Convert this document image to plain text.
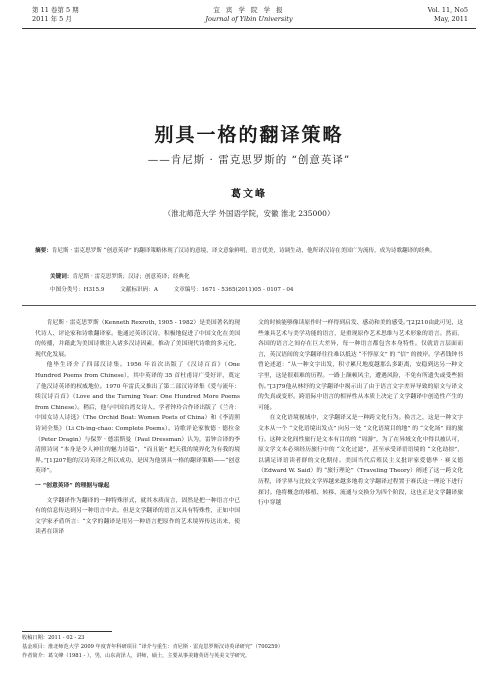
第 11 卷第 5 期
2011 年 5 月
宜 宾 学 院 学 报
Journal of Yibin University
Vol. 11, No5
May, 2011
别具一格的翻译策略
——肯尼斯 · 雷克思罗斯的 “创意英译”
葛文峰
（淮北师范大学 外国语学院，安徽 淮北 235000）
摘要：肯尼斯 · 雷克思罗斯 “创意英译” 的翻译策略体现了汉诗的意境，译文意象鲜明，语言优美，诗调生动，他所译汉诗在美国广为流传，成为诗歌翻译的经典。
关键词：肯尼斯 · 雷克思罗斯；汉诗；创意英译；经典化
中图分类号：H315.9	文献标识码：A	文章编号：1671 - 5365(2011)05 - 0107 - 04

肯尼斯 · 雷克思罗斯（Kenneth Rexroth, 1905 - 1982）是美国著名的现代诗人、评论家和诗歌翻译家。他通过英译汉诗，积极地促进了中国文化在美国的传播，并藉此为美国诗歌注入诸多汉诗因素，推动了美国现代诗歌的多元化、现代化发展。

他毕生译介了四部汉诗集。1956 年首次出版了《汉诗百首》（One Hundred Poems from Chinese），其中英译的 35 首杜甫诗广受好评，奠定了他汉诗英译的权威地位。1970 年雷氏又推出了第二部汉诗译集《爱与流年：续汉诗百首》（Love and the Turning Year: One Hundred More Poems from Chinese）。稍后，他与中国台湾女诗人、学者钟玲合作译出版了《兰舟：中国女诗人诗选》（The Orchid Boat: Women Poets of China）和《李清照诗词全集》（Li Ch-ing-chao: Complete Poems）。诗歌评论家彼德 · 德拉金（Peter Dragin）与保罗 · 德雷斯曼（Paul Dressman）认为，雷钟合译的李清照诗词 “本身是令人神往的魅力诗篇”，“而且能” 把天我的境界化为有我的境界。”[1]207他的汉诗英译之所以成功，是因为他别具一格的翻译策略——“创意英译”。

一 “创意英译” 的理据与缘起

文学翻译作为翻译的一种特殊形式，就其本质而言，固然是把一种语言中已有的信息传达到另一种语言中去。但是文学翻译的语言又具有特殊性，正如中国文学家矛盾所言：“文学的翻译是用另一种语言把原作的艺术境界传达出来，使读者在读译

文的时候能够像读原作时一样得到启发、感动和美的感受。”[2]210由此可见，这些兼具艺术与美学功能的语言，是重现原作艺术思维与艺术形象的语言。然而，各国的语言之间存在巨大差异，每一种语言都包含本身特性。仅就语言层面而言，英汉语间的文学翻译往往难以抵达 “不悖原文” 的 “信” 的彼岸。学者钱钟书曾论述道：“从一种文字出发，积寸累尺地度越那么多距离，安稳到达另一种文字里，这是很艰难的历程。一路上颠顿风尘，遭遇风险，不免有所遗失或受些损伤。”[3]79他从林纾的文学翻译中揭示出了由于语言文字差异导致的原文与译文的失真或变形。跨语际中语言的相异性从本质上决定了文学翻译中创造性产生的可能。

在文化语境视域中，文学翻译又是一种跨文化行为。换言之，这是一种文字文本从一个 “文化语境出发点” 向另一处 “文化语境目的地” 的 “文化场” 间的旅行。这种文化间性旅行是文本有目的的 “周游”，为了在异域文化中得以被认可，原文学文本必须经历旅行中的 “文化过滤”，甚至承受译语语境的 “文化劫掠”，以满足译语读者群的文化期待。美国当代后殖民主义批评家爱德华 · 赛义德（Edward W. Said）的 “旅行理论”（Traveling Theory）阐述了这一跨文化历程，译学界与比较文学界越来越多地将文学翻译过程置于赛氏这一理论下进行探讨。他将概念的移植、转移、流通与交换分为四个阶段，这也正是文学翻译旅行中穿越

收稿日期：2011 - 02 - 23
基金项目：淮北师范大学 2009 年度青年科研项目 “译介与重生：肯尼斯 · 雷克思罗斯汉诗英译研究”（700259）
作者简介：葛文峰（1981 - ），男，山东菏泽人，讲师，硕士，主要从事美籍英语与英美文学研究。
